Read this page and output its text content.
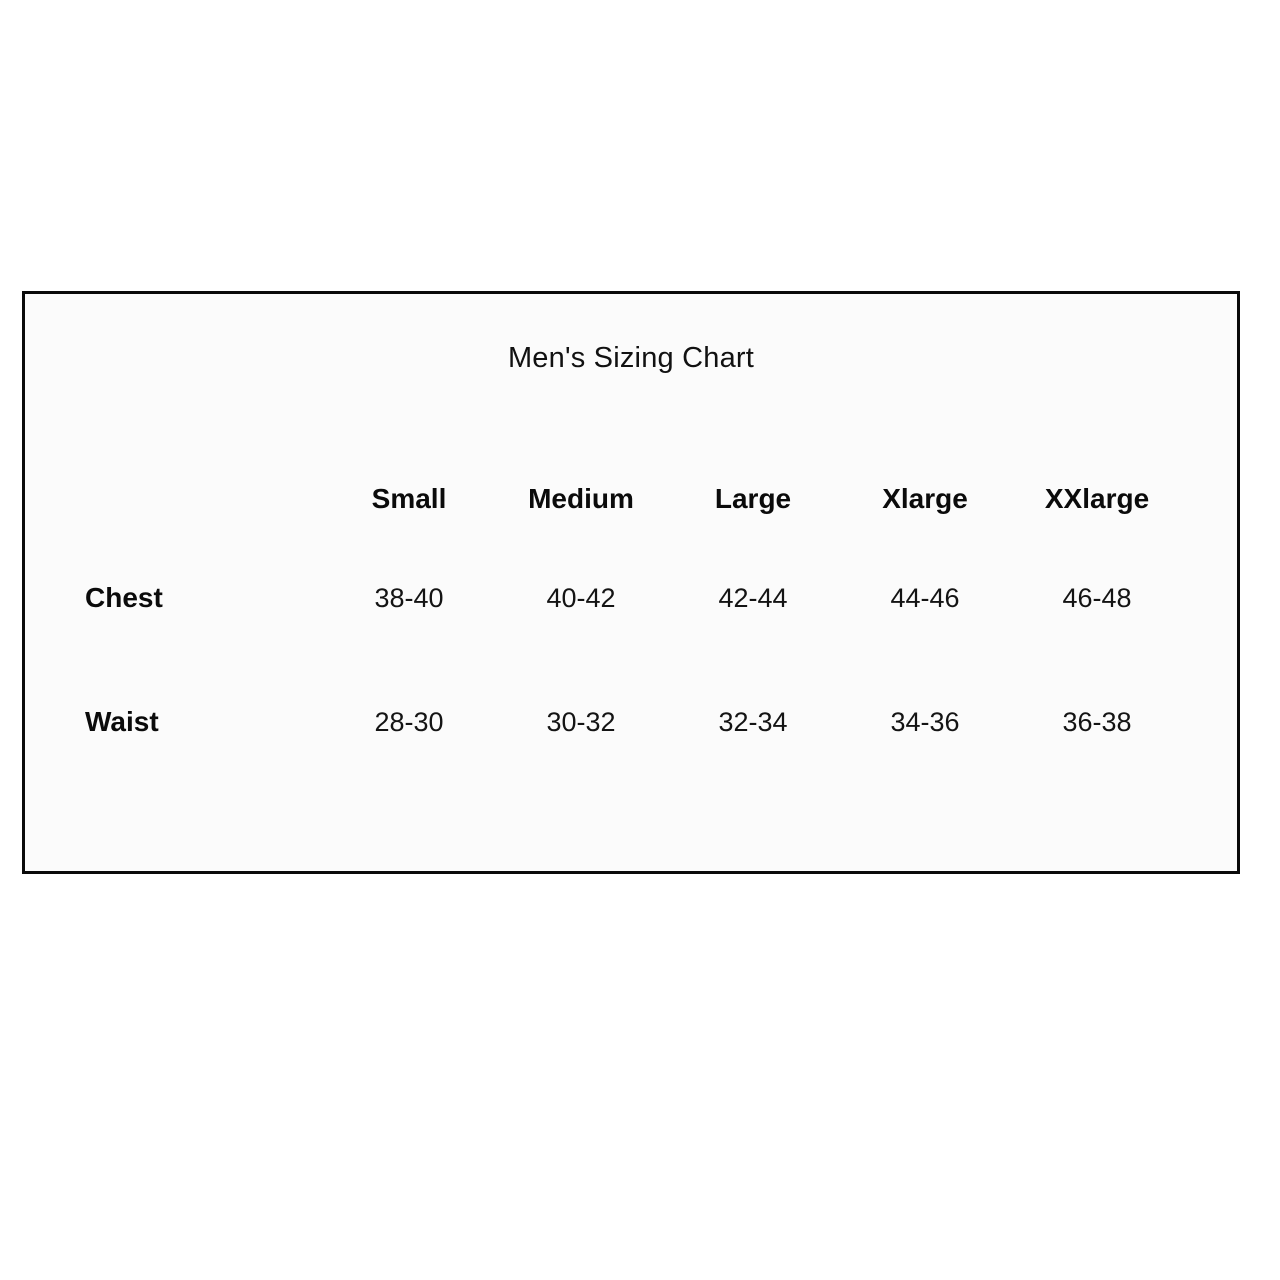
Men's Sizing Chart
	Small	Medium	Large	Xlarge	XXlarge
Chest	38-40	40-42	42-44	44-46	46-48
Waist	28-30	30-32	32-34	34-36	36-38
